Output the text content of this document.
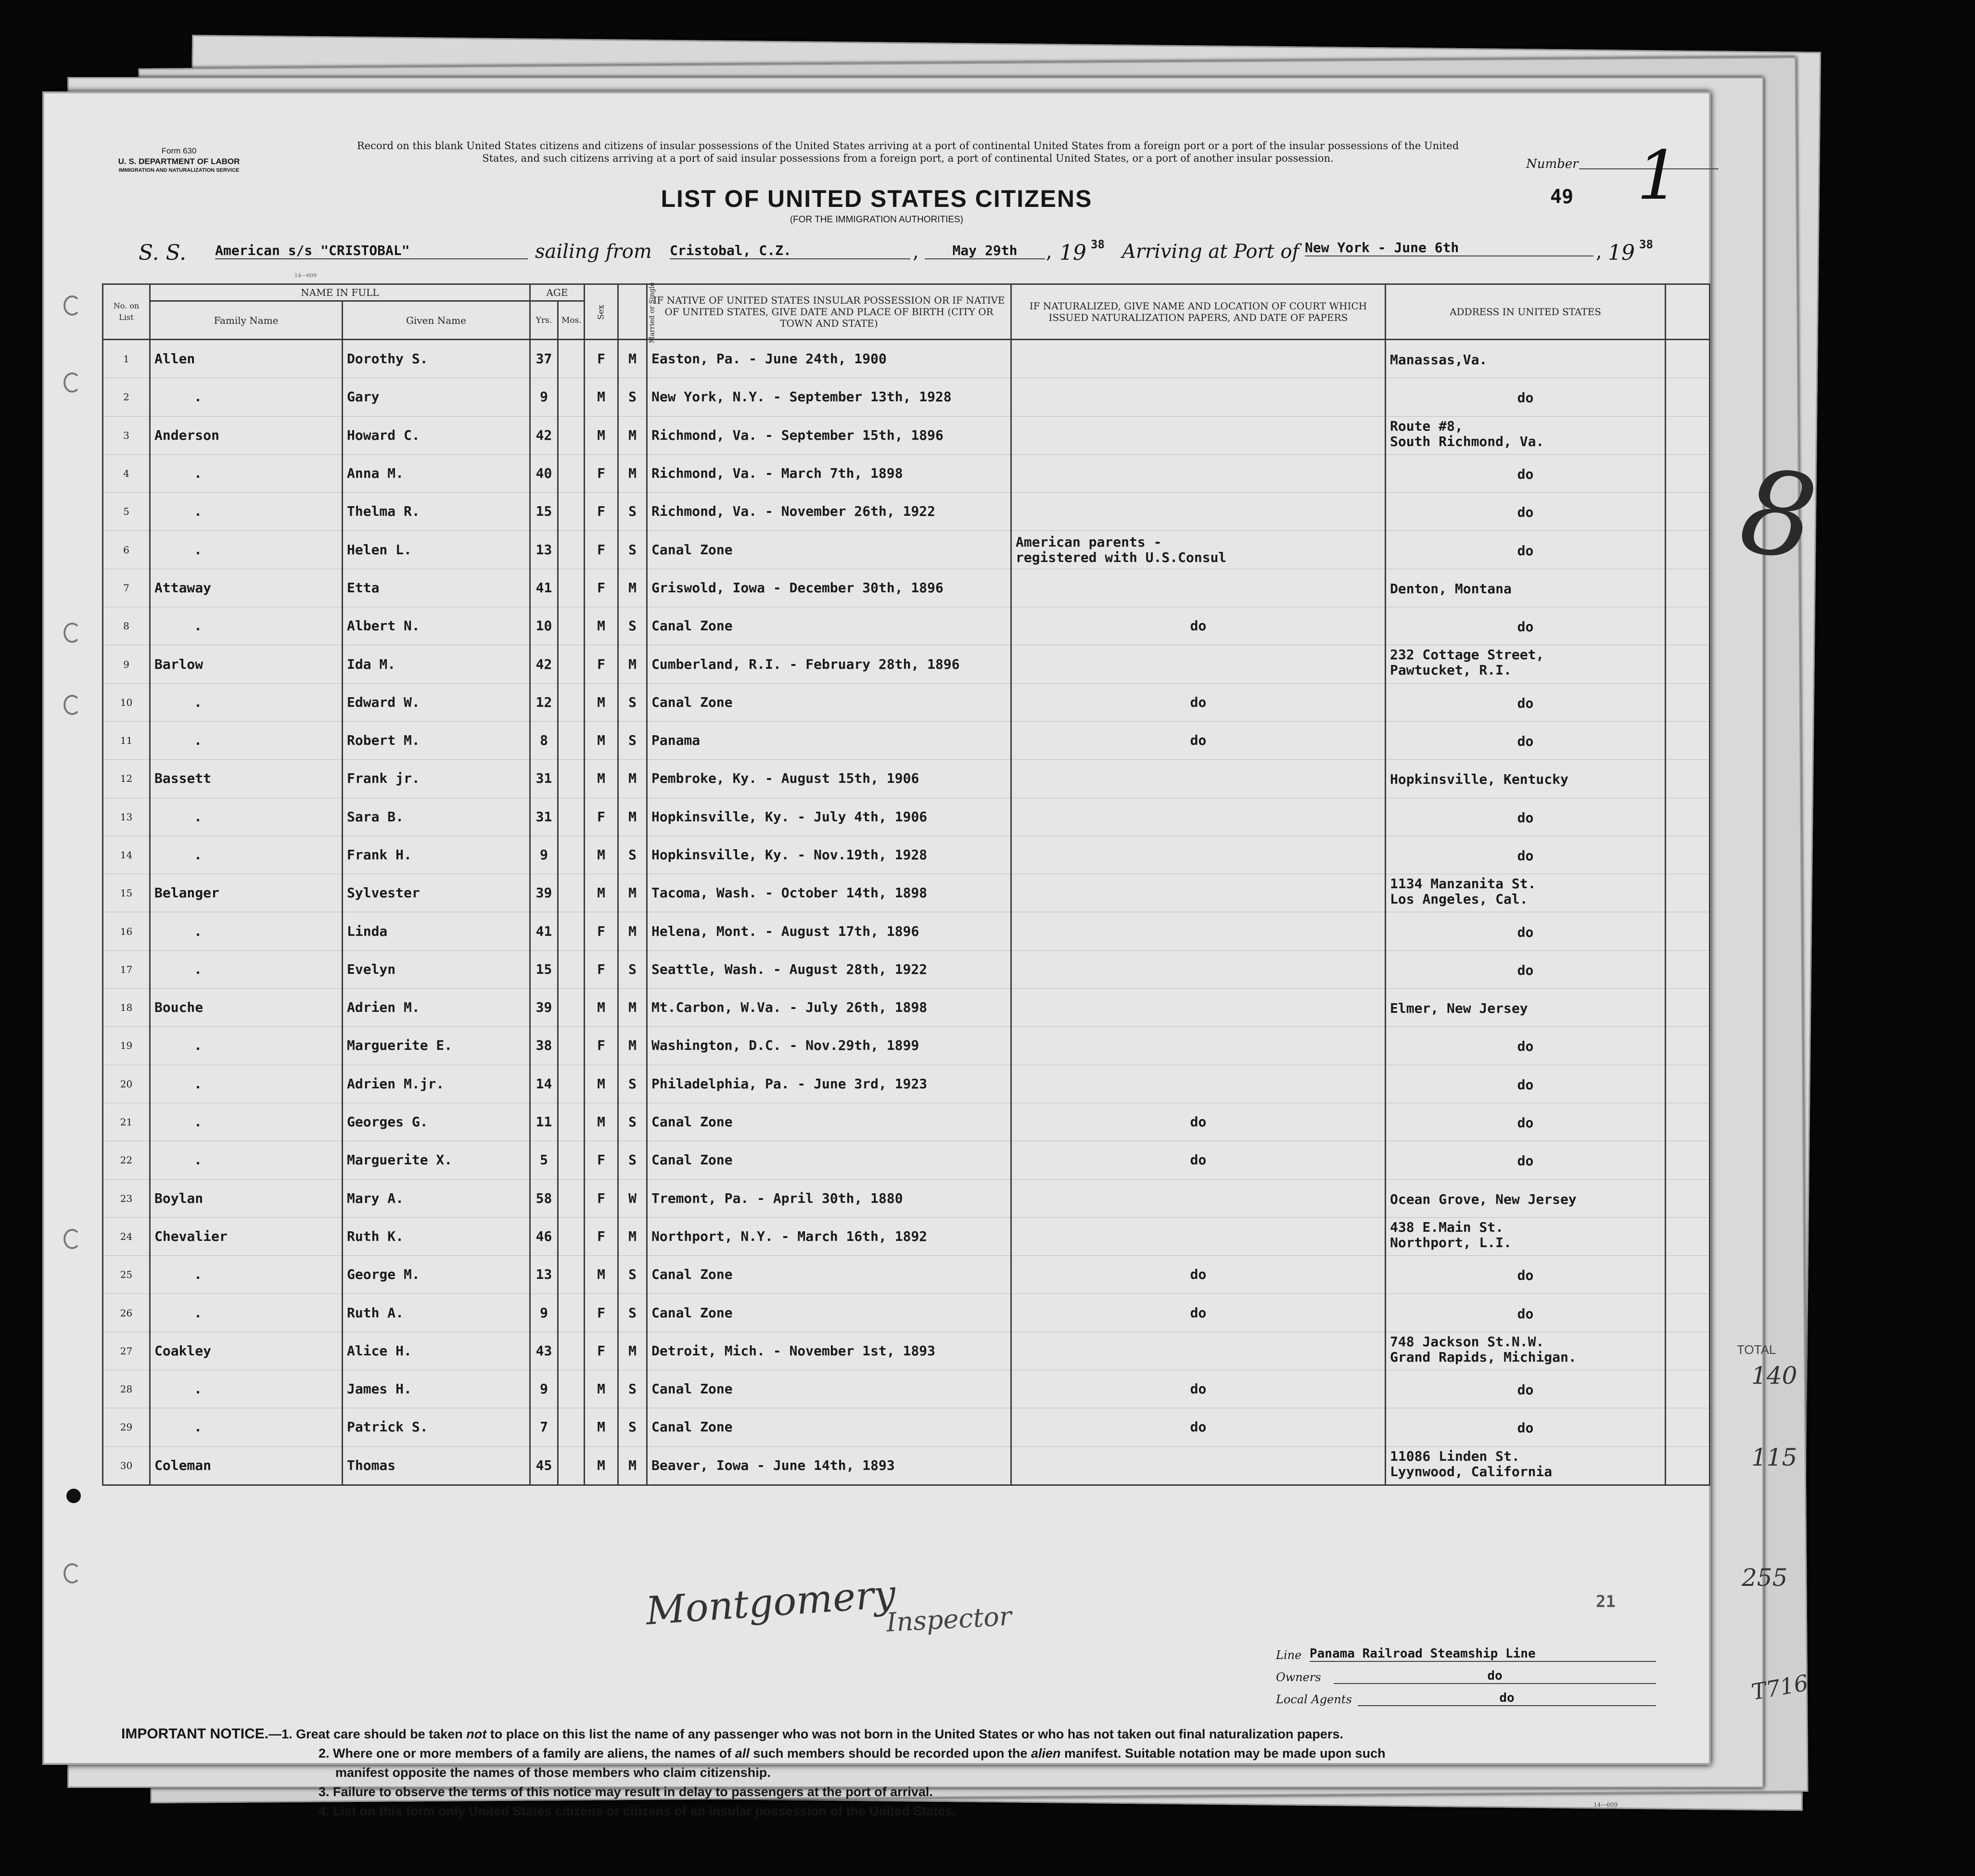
8
TOTAL
140
115
255
T716
Form 630
U. S. DEPARTMENT OF LABOR
IMMIGRATION AND NATURALIZATION SERVICE
Record on this blank United States citizens and citizens of insular possessions of the United States arriving at a port of continental United States from a foreign port or a port of the insular possessions of the United States, and such citizens arriving at a port of said insular possessions from a foreign port, a port of continental United States, or a port of another insular possession.	Number 1
49
LIST OF UNITED STATES CITIZENS
(FOR THE IMMIGRATION AUTHORITIES)
S. S. American s/s "CRISTOBAL"	sailing from Cristobal, C.Z.	,	May 29th	, 19 38 Arriving at Port of New York - June 6th	, 19 38
14—609
No. on List	NAME IN FULL		AGE		Sex	Married or Single	IF NATIVE OF UNITED STATES INSULAR POSSESSION OR IF NATIVE OF UNITED STATES, GIVE DATE AND PLACE OF BIRTH (CITY OR TOWN AND STATE)	IF NATURALIZED, GIVE NAME AND LOCATION OF COURT WHICH ISSUED NATURALIZATION PAPERS, AND DATE OF PAPERS	ADDRESS IN UNITED STATES	
	Family Name	Given Name	Yrs.	Mos.						
1	Allen	Dorothy S.	37		F	M	Easton, Pa. - June 24th, 1900		Manassas,Va.	

2	.	Gary	9		M	S	New York, N.Y. - September 13th, 1928		do	

3	Anderson	Howard C.	42		M	M	Richmond, Va. - September 15th, 1896		Route #8,
South Richmond, Va.	

4	.	Anna M.	40		F	M	Richmond, Va. - March 7th, 1898		do	

5	.	Thelma R.	15		F	S	Richmond, Va. - November 26th, 1922		do	

6	.	Helen L.	13		F	S	Canal Zone	American parents -
registered with U.S.Consul	do	

7	Attaway	Etta	41		F	M	Griswold, Iowa - December 30th, 1896		Denton, Montana	

8	.	Albert N.	10		M	S	Canal Zone	do	do	

9	Barlow	Ida M.	42		F	M	Cumberland, R.I. - February 28th, 1896		232 Cottage Street,
Pawtucket, R.I.	

10	.	Edward W.	12		M	S	Canal Zone	do	do	

11	.	Robert M.	8		M	S	Panama	do	do	

12	Bassett	Frank jr.	31		M	M	Pembroke, Ky. - August 15th, 1906		Hopkinsville, Kentucky	

13	.	Sara B.	31		F	M	Hopkinsville, Ky. - July 4th, 1906		do	

14	.	Frank H.	9		M	S	Hopkinsville, Ky. - Nov.19th, 1928		do	

15	Belanger	Sylvester	39		M	M	Tacoma, Wash. - October 14th, 1898		1134 Manzanita St.
Los Angeles, Cal.	

16	.	Linda	41		F	M	Helena, Mont. - August 17th, 1896		do	

17	.	Evelyn	15		F	S	Seattle, Wash. - August 28th, 1922		do	

18	Bouche	Adrien M.	39		M	M	Mt.Carbon, W.Va. - July 26th, 1898		Elmer, New Jersey	

19	.	Marguerite E.	38		F	M	Washington, D.C. - Nov.29th, 1899		do	

20	.	Adrien M.jr.	14		M	S	Philadelphia, Pa. - June 3rd, 1923		do	

21	.	Georges G.	11		M	S	Canal Zone	do	do	

22	.	Marguerite X.	5		F	S	Canal Zone	do	do	

23	Boylan	Mary A.	58		F	W	Tremont, Pa. - April 30th, 1880		Ocean Grove, New Jersey	

24	Chevalier	Ruth K.	46		F	M	Northport, N.Y. - March 16th, 1892		438 E.Main St.
Northport, L.I.	

25	.	George M.	13		M	S	Canal Zone	do	do	

26	.	Ruth A.	9		F	S	Canal Zone	do	do	

27	Coakley	Alice H.	43		F	M	Detroit, Mich. - November 1st, 1893		748 Jackson St.N.W.
Grand Rapids, Michigan.	

28	.	James H.	9		M	S	Canal Zone	do	do	

29	.	Patrick S.	7		M	S	Canal Zone	do	do	

30	Coleman	Thomas	45		M	M	Beaver, Iowa - June 14th, 1893		11086 Linden St.
Lyynwood, California	

21
Montgomery
Inspector
Line Panama Railroad Steamship Line
Owners	do
Local Agents	do
IMPORTANT NOTICE.—1. Great care should be taken not to place on this list the name of any passenger who was not born in the United States or who has not taken out final naturalization papers.
2. Where one or more members of a family are aliens, the names of all such members should be recorded upon the alien manifest. Suitable notation may be made upon such
manifest opposite the names of those members who claim citizenship.
3. Failure to observe the terms of this notice may result in delay to passengers at the port of arrival.
4. List on this form only United States citizens or citizens of an insular possession of the United States.	14—609
